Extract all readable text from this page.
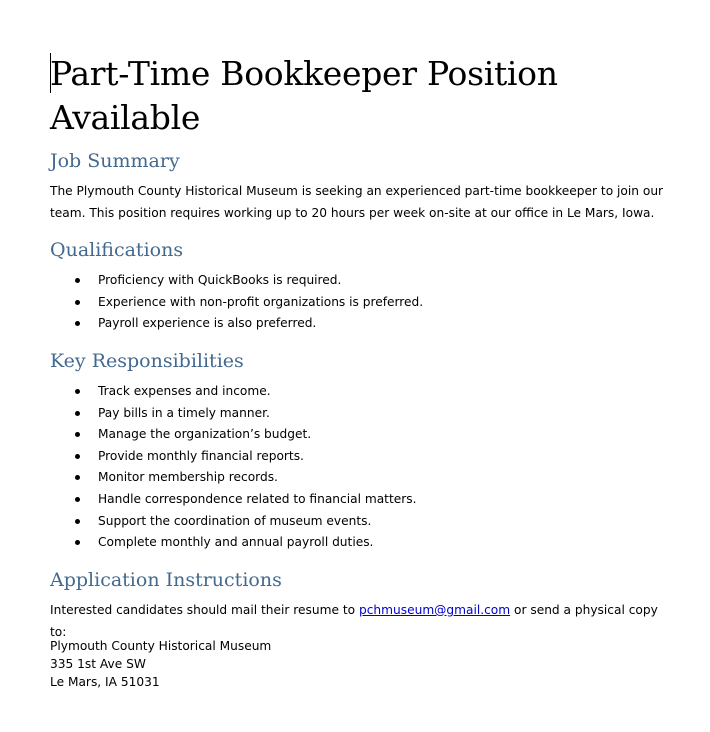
Part-Time Bookkeeper Position Available
Job Summary

The Plymouth County Historical Museum is seeking an experienced part-time bookkeeper to join our team. This position requires working up to 20 hours per week on-site at our office in Le Mars, Iowa.

Qualifications
Proficiency with QuickBooks is required.
Experience with non-profit organizations is preferred.
Payroll experience is also preferred.
Key Responsibilities
Track expenses and income.
Pay bills in a timely manner.
Manage the organization’s budget.
Provide monthly financial reports.
Monitor membership records.
Handle correspondence related to financial matters.
Support the coordination of museum events.
Complete monthly and annual payroll duties.
Application Instructions

Interested candidates should mail their resume to pchmuseum@gmail.com or send a physical copy to:

Plymouth County Historical Museum
335 1st Ave SW
Le Mars, IA 51031
